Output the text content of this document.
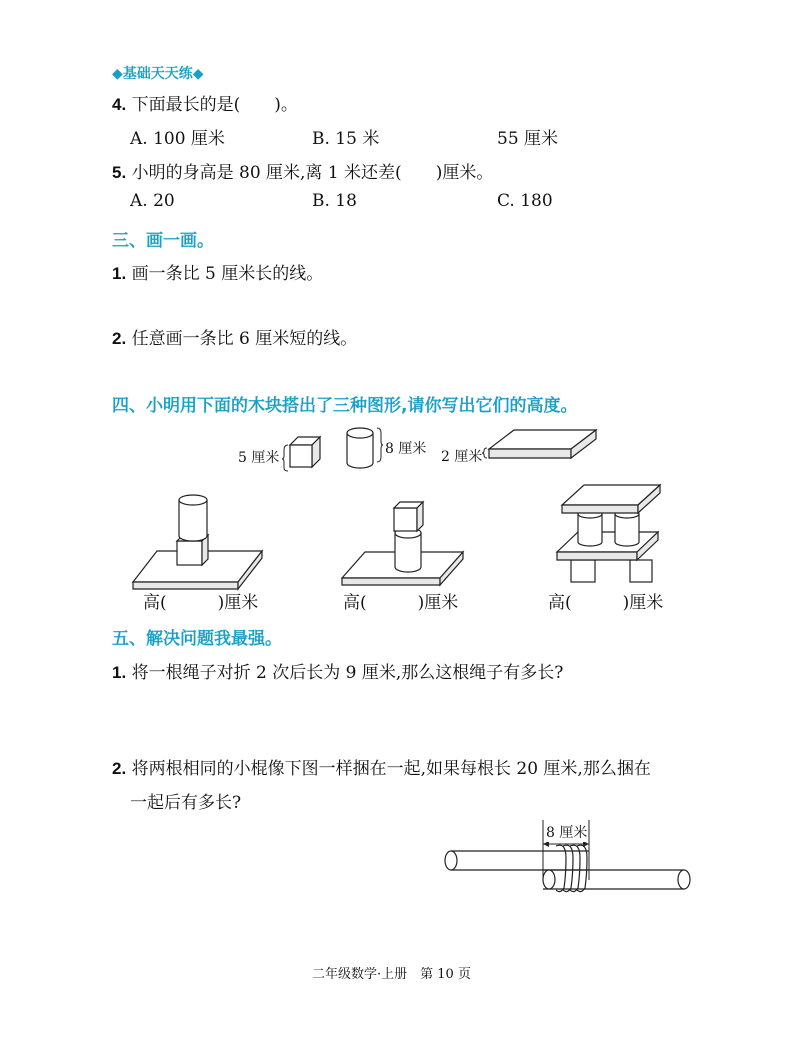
◆基础天天练◆
4. 下面最长的是(　　)。
A. 100 厘米	B. 15 米	55 厘米
5. 小明的身高是 80 厘米,离 1 米还差(　　)厘米。
A. 20	B. 18	C. 180
三、画一画。
1. 画一条比 5 厘米长的线。
2. 任意画一条比 6 厘米短的线。
四、小明用下面的木块搭出了三种图形,请你写出它们的高度。
5 厘米
8 厘米 2 厘米
高(　　　)厘米	高(　　　)厘米	高(　　　)厘米
五、解决问题我最强。
1. 将一根绳子对折 2 次后长为 9 厘米,那么这根绳子有多长?
2. 将两根相同的小棍像下图一样捆在一起,如果每根长 20 厘米,那么捆在
一起后有多长?
8 厘米
二年级数学·上册　第 10 页
